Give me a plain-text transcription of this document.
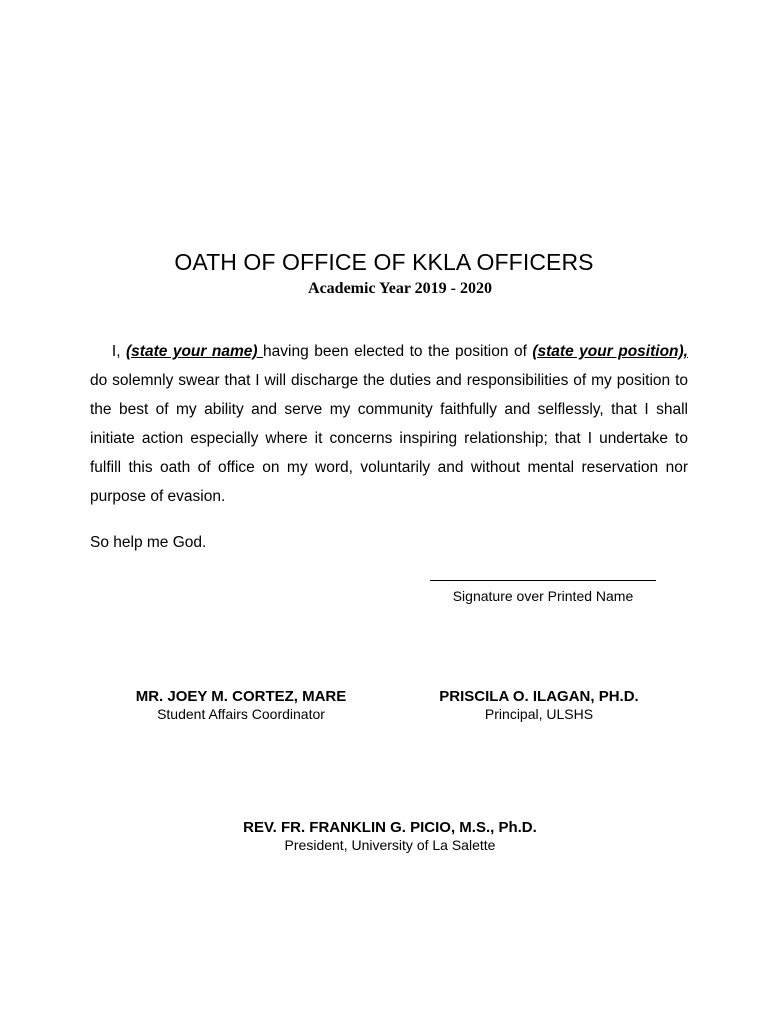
OATH OF OFFICE OF KKLA OFFICERS

Academic Year 2019 - 2020

I, (state your name) having been elected to the position of (state your position), do solemnly swear that I will discharge the duties and responsibilities of my position to the best of my ability and serve my community faithfully and selflessly, that I shall initiate action especially where it concerns inspiring relationship; that I undertake to fulfill this oath of office on my word, voluntarily and without mental reservation nor purpose of evasion.

So help me God.

Signature over Printed Name

MR. JOEY M. CORTEZ, MARE

Student Affairs Coordinator

PRISCILA O. ILAGAN, PH.D.

Principal, ULSHS

REV. FR. FRANKLIN G. PICIO, M.S., Ph.D.

President, University of La Salette
